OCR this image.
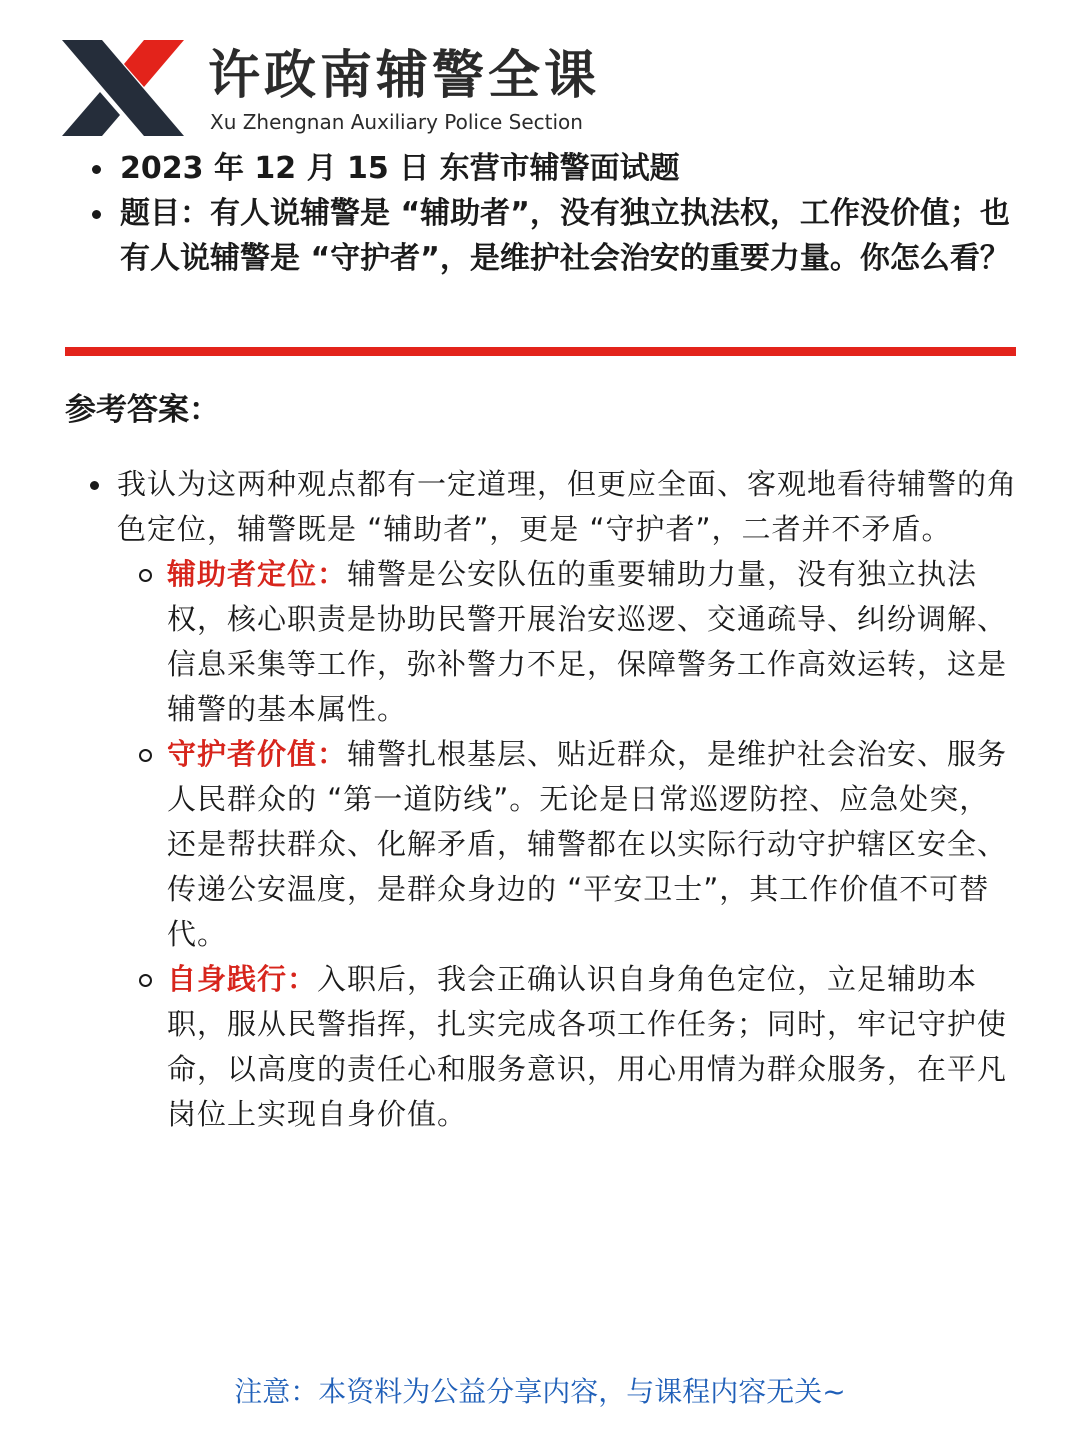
许政南辅警全课
Xu Zhengnan Auxiliary Police Section
2023 年 12 月 15 日 东营市辅警面试题
题目：有人说辅警是 “辅助者”，没有独立执法权，工作没价值；也有人说辅警是 “守护者”，是维护社会治安的重要力量。你怎么看？
参考答案：
我认为这两种观点都有一定道理，但更应全面、客观地看待辅警的角色定位，辅警既是 “辅助者”，更是 “守护者”，二者并不矛盾。
辅助者定位：辅警是公安队伍的重要辅助力量，没有独立执法权，核心职责是协助民警开展治安巡逻、交通疏导、纠纷调解、信息采集等工作，弥补警力不足，保障警务工作高效运转，这是辅警的基本属性。
守护者价值：辅警扎根基层、贴近群众，是维护社会治安、服务人民群众的 “第一道防线”。无论是日常巡逻防控、应急处突，还是帮扶群众、化解矛盾，辅警都在以实际行动守护辖区安全、传递公安温度，是群众身边的 “平安卫士”，其工作价值不可替代。
自身践行：入职后，我会正确认识自身角色定位，立足辅助本职，服从民警指挥，扎实完成各项工作任务；同时，牢记守护使命，以高度的责任心和服务意识，用心用情为群众服务，在平凡岗位上实现自身价值。
注意：本资料为公益分享内容，与课程内容无关~
